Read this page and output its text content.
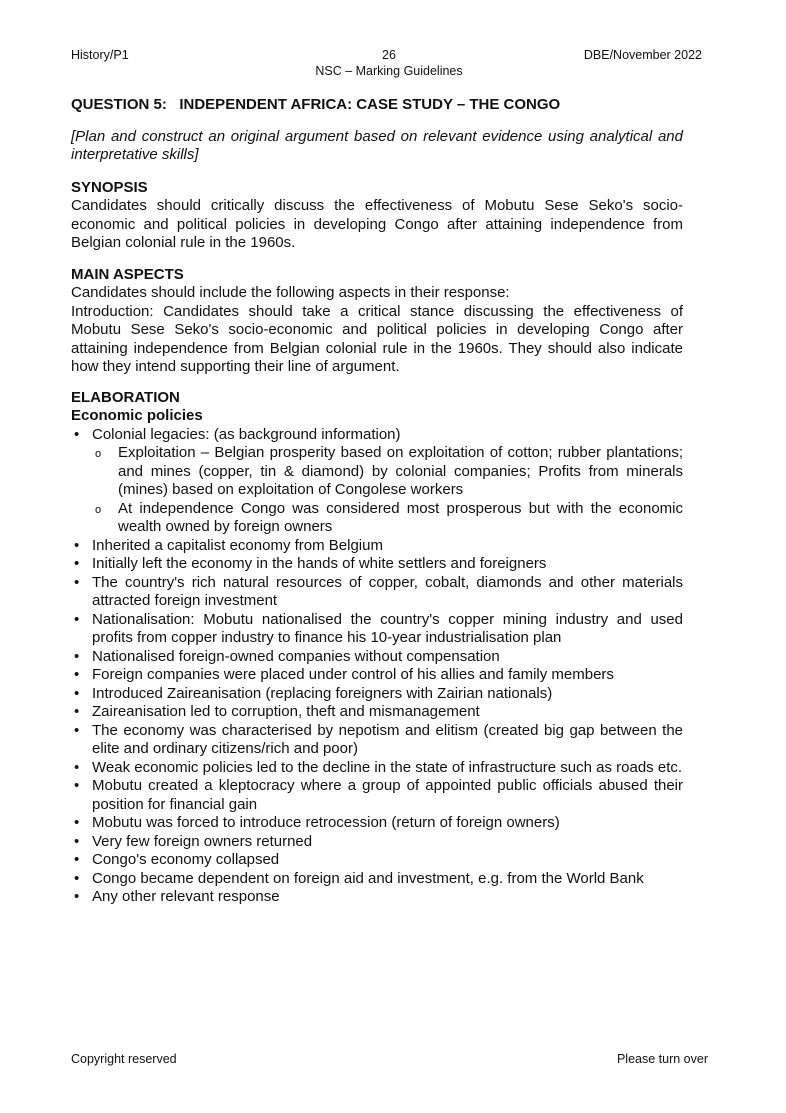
History/P1	26
NSC – Marking Guidelines
DBE/November 2022
QUESTION 5:   INDEPENDENT AFRICA: CASE STUDY – THE CONGO
[Plan and construct an original argument based on relevant evidence using analytical and interpretative skills]
SYNOPSIS
Candidates should critically discuss the effectiveness of Mobutu Sese Seko's socio-economic and political policies in developing Congo after attaining independence from Belgian colonial rule in the 1960s.
MAIN ASPECTS
Candidates should include the following aspects in their response:
Introduction: Candidates should take a critical stance discussing the effectiveness of Mobutu Sese Seko's socio-economic and political policies in developing Congo after attaining independence from Belgian colonial rule in the 1960s. They should also indicate how they intend supporting their line of argument.
ELABORATION
Economic policies
• Colonial legacies: (as background information)
o Exploitation – Belgian prosperity based on exploitation of cotton; rubber plantations; and mines (copper, tin & diamond) by colonial companies; Profits from minerals (mines) based on exploitation of Congolese workers
o At independence Congo was considered most prosperous but with the economic wealth owned by foreign owners
• Inherited a capitalist economy from Belgium
• Initially left the economy in the hands of white settlers and foreigners
• The country's rich natural resources of copper, cobalt, diamonds and other materials attracted foreign investment
• Nationalisation: Mobutu nationalised the country's copper mining industry and used profits from copper industry to finance his 10-year industrialisation plan
• Nationalised foreign-owned companies without compensation
• Foreign companies were placed under control of his allies and family members
• Introduced Zaireanisation (replacing foreigners with Zairian nationals)
• Zaireanisation led to corruption, theft and mismanagement
• The economy was characterised by nepotism and elitism (created big gap between the elite and ordinary citizens/rich and poor)
• Weak economic policies led to the decline in the state of infrastructure such as roads etc.
• Mobutu created a kleptocracy where a group of appointed public officials abused their position for financial gain
• Mobutu was forced to introduce retrocession (return of foreign owners)
• Very few foreign owners returned
• Congo's economy collapsed
• Congo became dependent on foreign aid and investment, e.g. from the World Bank
• Any other relevant response
Copyright reserved	Please turn over
